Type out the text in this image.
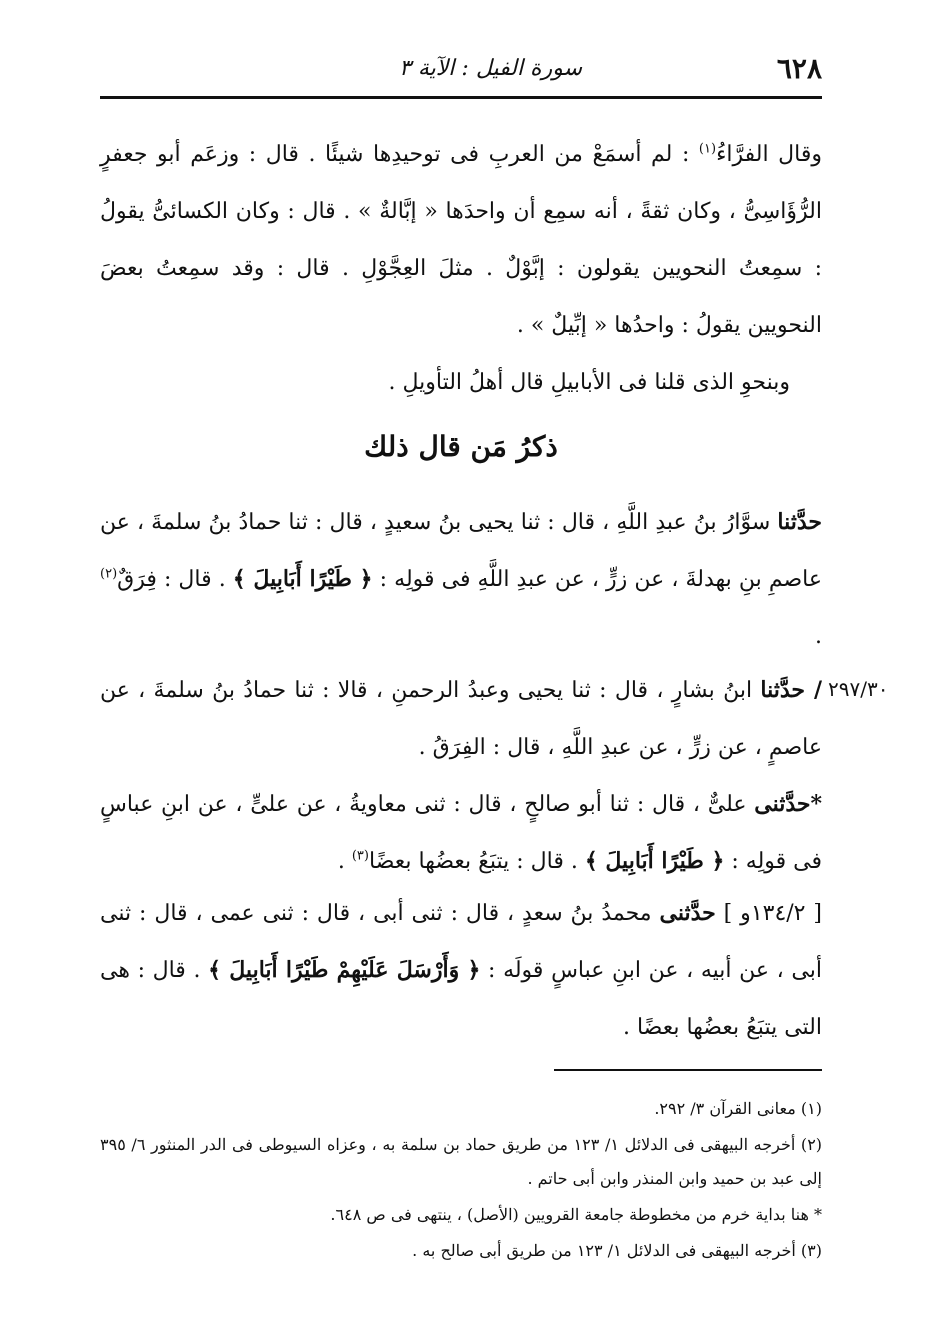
٦٢٨
سورة الفيل : الآية ٣

وقال الفرَّاءُ$^{(١)}$ : لم أسمَعْ من العربِ فى توحيدِها شيئًا . قال : وزعَم أبو جعفرٍ الرُّؤَاسِىُّ ، وكان ثقةً ، أنه سمِع أن واحدَها « إبَّالةٌ » . قال : وكان الكسائىُّ يقولُ : سمِعتُ النحويين يقولون : إبَّوْلٌ . مثلَ العِجَّوْلِ . قال : وقد سمِعتُ بعضَ النحويين يقولُ : واحدُها « إبِّيلٌ » .

وبنحوِ الذى قلنا فى الأبابيلِ قال أهلُ التأويلِ .

ذكرُ مَن قال ذلك

حدَّثنا سوَّارُ بنُ عبدِ اللَّهِ ، قال : ثنا يحيى بنُ سعيدٍ ، قال : ثنا حمادُ بنُ سلمةَ ، عن عاصمِ بنِ بهدلةَ ، عن زرٍّ ، عن عبدِ اللَّهِ فى قولِه : ﴿ طَيْرًا أَبَابِيلَ ﴾ . قال : فِرَقٌ$^{(٢)}$ .

٢٩٧/٣٠

/ حدَّثنا ابنُ بشارٍ ، قال : ثنا يحيى وعبدُ الرحمنِ ، قالا : ثنا حمادُ بنُ سلمةَ ، عن عاصمٍ ، عن زرٍّ ، عن عبدِ اللَّهِ ، قال : الفِرَقُ .

*حدَّثنى علىٌّ ، قال : ثنا أبو صالحٍ ، قال : ثنى معاويةُ ، عن علىٍّ ، عن ابنِ عباسٍ فى قولِه : ﴿ طَيْرًا أَبَابِيلَ ﴾ . قال : يتبَعُ بعضُها بعضًا$^{(٣)}$ .

[ ١٣٤/٢و ] حدَّثنى محمدُ بنُ سعدٍ ، قال : ثنى أبى ، قال : ثنى عمى ، قال : ثنى أبى ، عن أبيه ، عن ابنِ عباسٍ قولَه : ﴿ وَأَرْسَلَ عَلَيْهِمْ طَيْرًا أَبَابِيلَ ﴾ . قال : هى التى يتبَعُ بعضُها بعضًا .

(١) معانى القرآن ٣/ ٢٩٢.
(٢) أخرجه البيهقى فى الدلائل ١/ ١٢٣ من طريق حماد بن سلمة به ، وعزاه السيوطى فى الدر المنثور ٦/ ٣٩٥ إلى عبد بن حميد وابن المنذر وابن أبى حاتم .
* هنا بداية خرم من مخطوطة جامعة القرويين (الأصل) ، ينتهى فى ص ٦٤٨.
(٣) أخرجه البيهقى فى الدلائل ١/ ١٢٣ من طريق أبى صالح به .
